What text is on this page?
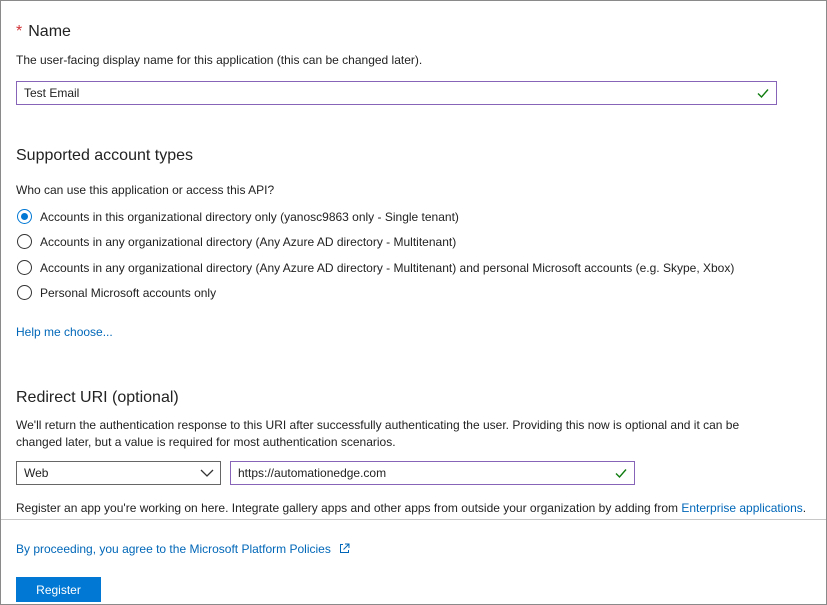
* Name
The user-facing display name for this application (this can be changed later).
Test Email
Supported account types
Who can use this application or access this API?
Accounts in this organizational directory only (yanosc9863 only - Single tenant)
Accounts in any organizational directory (Any Azure AD directory - Multitenant)
Accounts in any organizational directory (Any Azure AD directory - Multitenant) and personal Microsoft accounts (e.g. Skype, Xbox)
Personal Microsoft accounts only
Help me choose...
Redirect URI (optional)
We'll return the authentication response to this URI after successfully authenticating the user. Providing this now is optional and it can be changed later, but a value is required for most authentication scenarios.
Web	https://automationedge.com
Register an app you're working on here. Integrate gallery apps and other apps from outside your organization by adding from Enterprise applications.
By proceeding, you agree to the Microsoft Platform Policies
Register
